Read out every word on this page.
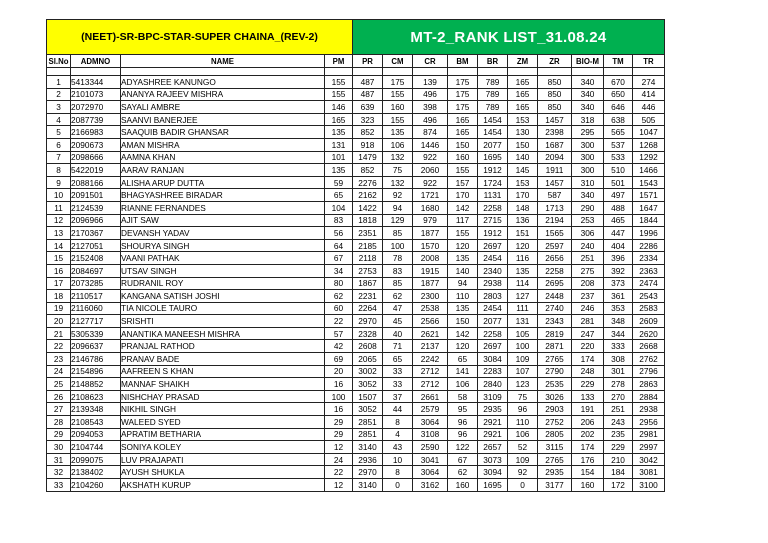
(NEET)-SR-BPC-STAR-SUPER CHAINA_(REV-2)				MT-2_RANK LIST_31.08.24									
Sl.No	ADMNO	NAME	PM	PR	CM	CR	BM	BR	ZM	ZR	BIO-M	TM	TR

1	5413344	ADYASHREE KANUNGO	155	487	175	139	175	789	165	850	340	670	274
2	2101073	ANANYA RAJEEV MISHRA	155	487	155	496	175	789	165	850	340	650	414
3	2072970	SAYALI AMBRE	146	639	160	398	175	789	165	850	340	646	446
4	2087739	SAANVI BANERJEE	165	323	155	496	165	1454	153	1457	318	638	505
5	2166983	SAAQUIB BADIR GHANSAR	135	852	135	874	165	1454	130	2398	295	565	1047
6	2090673	AMAN MISHRA	131	918	106	1446	150	2077	150	1687	300	537	1268
7	2098666	AAMNA KHAN	101	1479	132	922	160	1695	140	2094	300	533	1292
8	5422019	AARAV RANJAN	135	852	75	2060	155	1912	145	1911	300	510	1466
9	2088166	ALISHA ARUP DUTTA	59	2276	132	922	157	1724	153	1457	310	501	1543
10	2091501	BHAGYASHREE BIRADAR	65	2162	92	1721	170	1131	170	587	340	497	1571
11	2124539	RIANNE FERNANDES	104	1422	94	1680	142	2258	148	1713	290	488	1647
12	2096966	AJIT SAW	83	1818	129	979	117	2715	136	2194	253	465	1844
13	2170367	DEVANSH YADAV	56	2351	85	1877	155	1912	151	1565	306	447	1996
14	2127051	SHOURYA SINGH	64	2185	100	1570	120	2697	120	2597	240	404	2286
15	2152408	VAANI PATHAK	67	2118	78	2008	135	2454	116	2656	251	396	2334
16	2084697	UTSAV SINGH	34	2753	83	1915	140	2340	135	2258	275	392	2363
17	2073285	RUDRANIL ROY	80	1867	85	1877	94	2938	114	2695	208	373	2474
18	2110517	KANGANA SATISH JOSHI	62	2231	62	2300	110	2803	127	2448	237	361	2543
19	2116060	TIA NICOLE TAURO	60	2264	47	2538	135	2454	111	2740	246	353	2583
20	2127717	SRISHTI	22	2970	45	2566	150	2077	131	2343	281	348	2609
21	5305339	ANANTIKA MANEESH MISHRA	57	2328	40	2621	142	2258	105	2819	247	344	2620
22	2096637	PRANJAL RATHOD	42	2608	71	2137	120	2697	100	2871	220	333	2668
23	2146786	PRANAV BADE	69	2065	65	2242	65	3084	109	2765	174	308	2762
24	2154896	AAFREEN S KHAN	20	3002	33	2712	141	2283	107	2790	248	301	2796
25	2148852	MANNAF SHAIKH	16	3052	33	2712	106	2840	123	2535	229	278	2863
26	2108623	NISHCHAY PRASAD	100	1507	37	2661	58	3109	75	3026	133	270	2884
27	2139348	NIKHIL SINGH	16	3052	44	2579	95	2935	96	2903	191	251	2938
28	2108543	WALEED SYED	29	2851	8	3064	96	2921	110	2752	206	243	2956
29	2094053	APRATIM BETHARIA	29	2851	4	3108	96	2921	106	2805	202	235	2981
30	2104744	SONIYA KOLEY	12	3140	43	2590	122	2657	52	3115	174	229	2997
31	2099075	LUV PRAJAPATI	24	2936	10	3041	67	3073	109	2765	176	210	3042
32	2138402	AYUSH SHUKLA	22	2970	8	3064	62	3094	92	2935	154	184	3081
33	2104260	AKSHATH KURUP	12	3140	0	3162	160	1695	0	3177	160	172	3100
